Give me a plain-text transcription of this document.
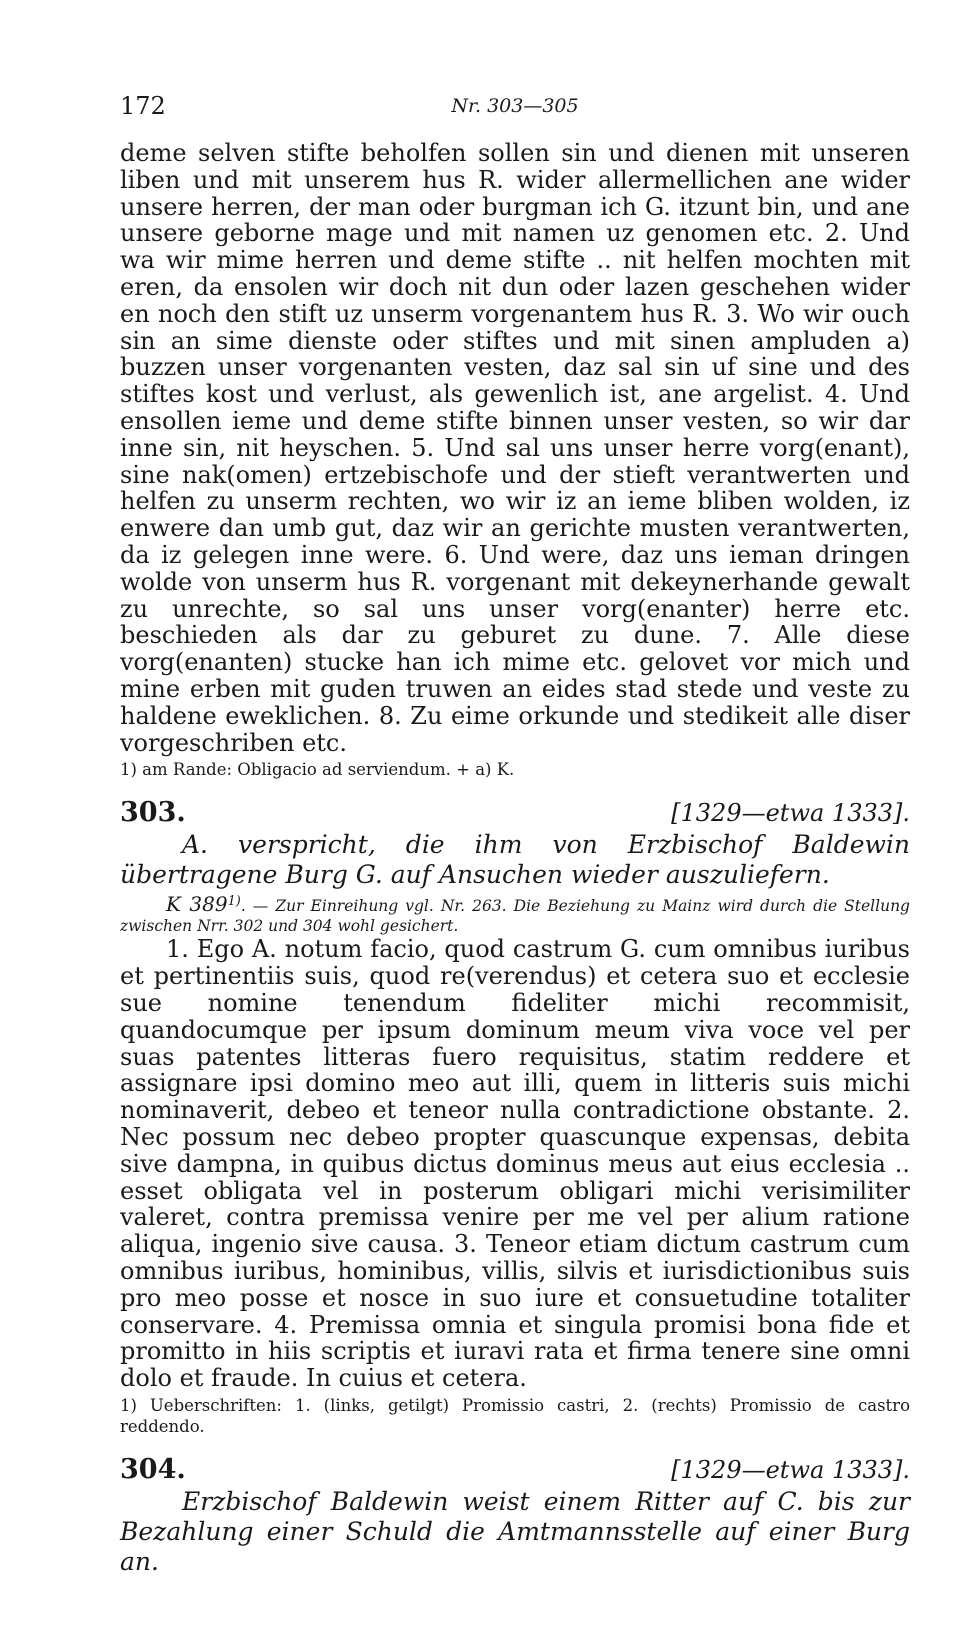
172	Nr. 303—305

deme selven stifte beholfen sollen sin und dienen mit unseren liben und mit unserem hus R. wider allermellichen ane wider unsere herren, der man oder burgman ich G. itzunt bin, und ane unsere geborne mage und mit namen uz genomen etc. 2. Und wa wir mime herren und deme stifte .. nit helfen mochten mit eren, da ensolen wir doch nit dun oder lazen geschehen wider en noch den stift uz unserm vorgenantem hus R. 3. Wo wir ouch sin an sime dienste oder stiftes und mit sinen ampluden a) buzzen unser vorgenanten vesten, daz sal sin uf sine und des stiftes kost und verlust, als gewenlich ist, ane argelist. 4. Und ensollen ieme und deme stifte binnen unser vesten, so wir dar inne sin, nit heyschen. 5. Und sal uns unser herre vorg(enant), sine nak(omen) ertzebischofe und der stieft verantwerten und helfen zu unserm rechten, wo wir iz an ieme bliben wolden, iz enwere dan umb gut, daz wir an gerichte musten verantwerten, da iz gelegen inne were. 6. Und were, daz uns ieman dringen wolde von unserm hus R. vorgenant mit dekeynerhande gewalt zu unrechte, so sal uns unser vorg(enanter) herre etc. beschieden als dar zu geburet zu dune. 7. Alle diese vorg(enanten) stucke han ich mime etc. gelovet vor mich und mine erben mit guden truwen an eides stad stede und veste zu haldene eweklichen. 8. Zu eime orkunde und stedikeit alle diser vorgeschriben etc.

1) am Rande: Obligacio ad serviendum. + a) K.

303.	[1329—etwa 1333].

A. verspricht, die ihm von Erzbischof Baldewin übertragene Burg G. auf Ansuchen wieder auszuliefern.

K 389$^{1)}$. — Zur Einreihung vgl. Nr. 263. Die Beziehung zu Mainz wird durch die Stellung zwischen Nrr. 302 und 304 wohl gesichert.

1. Ego A. notum facio, quod castrum G. cum omnibus iuribus et pertinentiis suis, quod re(verendus) et cetera suo et ecclesie sue nomine tenendum fideliter michi recommisit, quandocumque per ipsum dominum meum viva voce vel per suas patentes litteras fuero requisitus, statim reddere et assignare ipsi domino meo aut illi, quem in litteris suis michi nominaverit, debeo et teneor nulla contradictione obstante. 2. Nec possum nec debeo propter quascunque expensas, debita sive dampna, in quibus dictus dominus meus aut eius ecclesia .. esset obligata vel in posterum obligari michi verisimiliter valeret, contra premissa venire per me vel per alium ratione aliqua, ingenio sive causa. 3. Teneor etiam dictum castrum cum omnibus iuribus, hominibus, villis, silvis et iurisdictionibus suis pro meo posse et nosce in suo iure et consuetudine totaliter conservare. 4. Premissa omnia et singula promisi bona fide et promitto in hiis scriptis et iuravi rata et firma tenere sine omni dolo et fraude. In cuius et cetera.

1) Ueberschriften: 1. (links, getilgt) Promissio castri, 2. (rechts) Promissio de castro reddendo.

304.	[1329—etwa 1333].

Erzbischof Baldewin weist einem Ritter auf C. bis zur Bezahlung einer Schuld die Amtmannsstelle auf einer Burg an.
